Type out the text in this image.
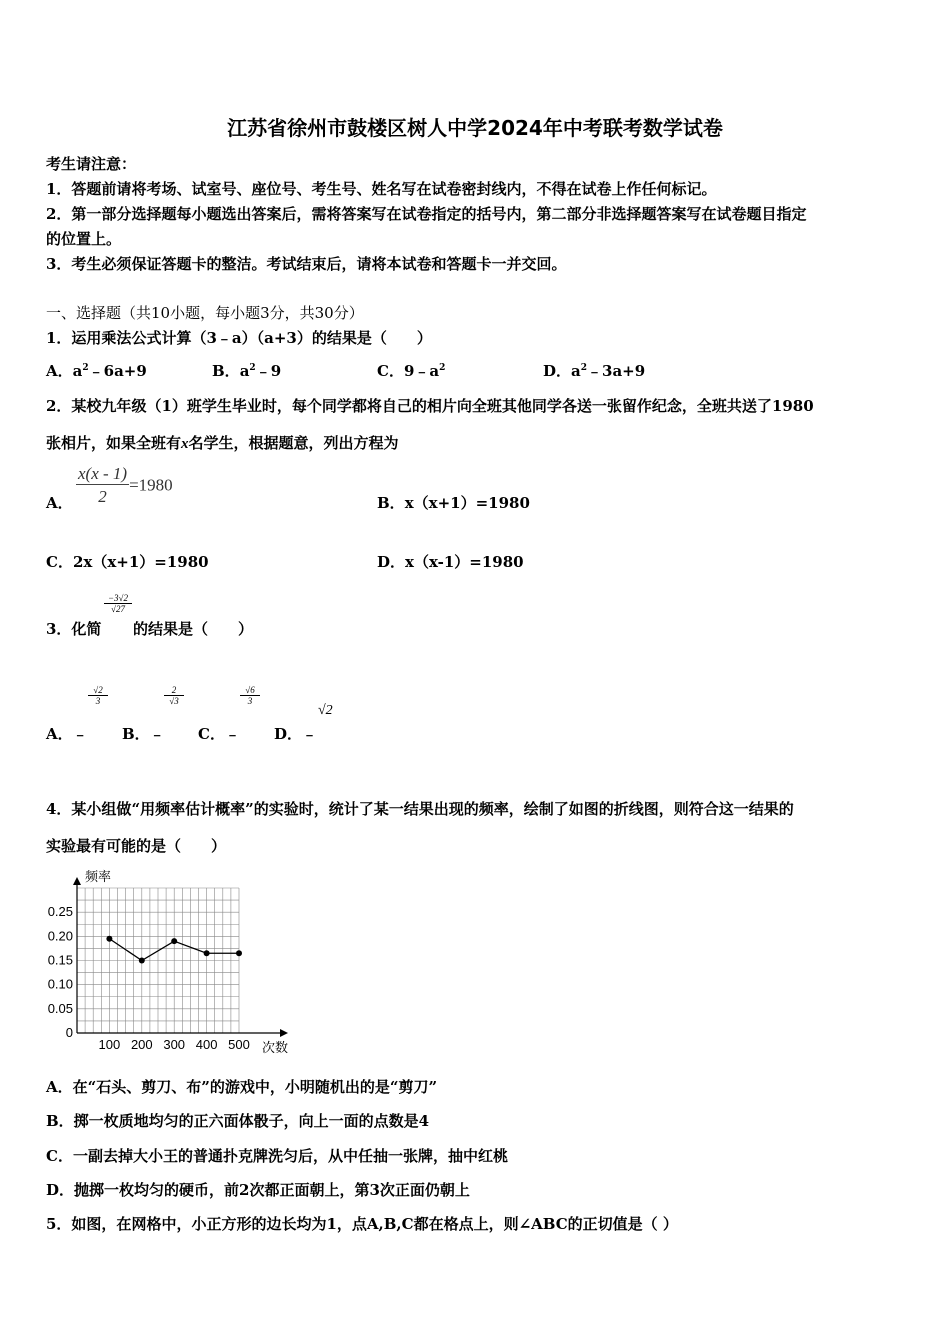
江苏省徐州市鼓楼区树人中学2024年中考联考数学试卷
考生请注意：
1．答题前请将考场、试室号、座位号、考生号、姓名写在试卷密封线内，不得在试卷上作任何标记。
2．第一部分选择题每小题选出答案后，需将答案写在试卷指定的括号内，第二部分非选择题答案写在试卷题目指定
的位置上。
3．考生必须保证答题卡的整洁。考试结束后，请将本试卷和答题卡一并交回。
一、选择题（共10小题，每小题3分，共30分）
1．运用乘法公式计算（3﹣a）（a+3）的结果是（　　）
A．$a^2﹣6a+9$	B．$a^2﹣9$	C．$9﹣a^2$	D．$a^2﹣3a+9$
2．某校九年级（1）班学生毕业时，每个同学都将自己的相片向全班其他同学各送一张留作纪念，全班共送了1980
张相片，如果全班有x名学生，根据题意，列出方程为
A． $\frac{x(x - 1)}{2} =1980$
B．x（x+1）=1980
C．2x（x+1）=1980	D．x（x-1）=1980
3．化简
$\frac{-3√2}{√27}$
的结果是（　　）
$\frac{√2}{3}$
A．﹣
$\frac{2}{√3}$
B．﹣
$\frac{√6}{3}$
C．﹣ D．﹣
√2
4．某小组做“用频率估计概率”的实验时，统计了某一结果出现的频率，绘制了如图的折线图，则符合这一结果的
实验最有可能的是（　　）
0
0.05
0.10
0.15
0.20
0.25
100 200 300 400 500
频率
次数
A．在“石头、剪刀、布”的游戏中，小明随机出的是“剪刀”
B．掷一枚质地均匀的正六面体骰子，向上一面的点数是4
C．一副去掉大小王的普通扑克牌洗匀后，从中任抽一张牌，抽中红桃
D．抛掷一枚均匀的硬币，前2次都正面朝上，第3次正面仍朝上
5．如图，在网格中，小正方形的边长均为1，点A,B,C都在格点上，则∠ABC的正切值是（ ）
